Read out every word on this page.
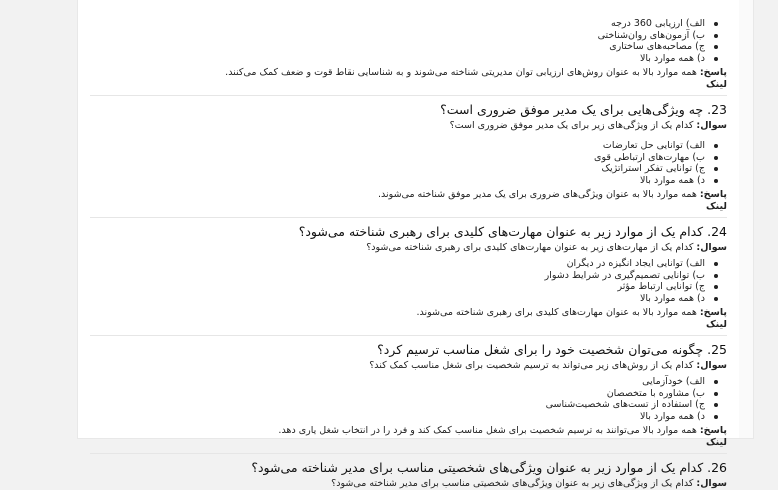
الف) ارزیابی 360 درجه
ب) آزمون‌های روان‌شناختی
ج) مصاحبه‌های ساختاری
د) همه موارد بالا
پاسخ: همه موارد بالا به عنوان روش‌های ارزیابی توان مدیریتی شناخته می‌شوند و به شناسایی نقاط قوت و ضعف کمک می‌کنند.
لینک
23. چه ویژگی‌هایی برای یک مدیر موفق ضروری است؟
سوال: کدام یک از ویژگی‌های زیر برای یک مدیر موفق ضروری است؟
الف) توانایی حل تعارضات
ب) مهارت‌های ارتباطی قوی
ج) توانایی تفکر استراتژیک
د) همه موارد بالا
پاسخ: همه موارد بالا به عنوان ویژگی‌های ضروری برای یک مدیر موفق شناخته می‌شوند.
لینک
24. کدام یک از موارد زیر به عنوان مهارت‌های کلیدی برای رهبری شناخته می‌شود؟
سوال: کدام یک از مهارت‌های زیر به عنوان مهارت‌های کلیدی برای رهبری شناخته می‌شود؟
الف) توانایی ایجاد انگیزه در دیگران
ب) توانایی تصمیم‌گیری در شرایط دشوار
ج) توانایی ارتباط مؤثر
د) همه موارد بالا
پاسخ: همه موارد بالا به عنوان مهارت‌های کلیدی برای رهبری شناخته می‌شوند.
لینک
25. چگونه می‌توان شخصیت خود را برای شغل مناسب ترسیم کرد؟
سوال: کدام یک از روش‌های زیر می‌تواند به ترسیم شخصیت برای شغل مناسب کمک کند؟
الف) خودآزمایی
ب) مشاوره با متخصصان
ج) استفاده از تست‌های شخصیت‌شناسی
د) همه موارد بالا
پاسخ: همه موارد بالا می‌توانند به ترسیم شخصیت برای شغل مناسب کمک کند و فرد را در انتخاب شغل یاری دهد.
لینک
26. کدام یک از موارد زیر به عنوان ویژگی‌های شخصیتی مناسب برای مدیر شناخته می‌شود؟
سوال: کدام یک از ویژگی‌های زیر به عنوان ویژگی‌های شخصیتی مناسب برای مدیر شناخته می‌شود؟
